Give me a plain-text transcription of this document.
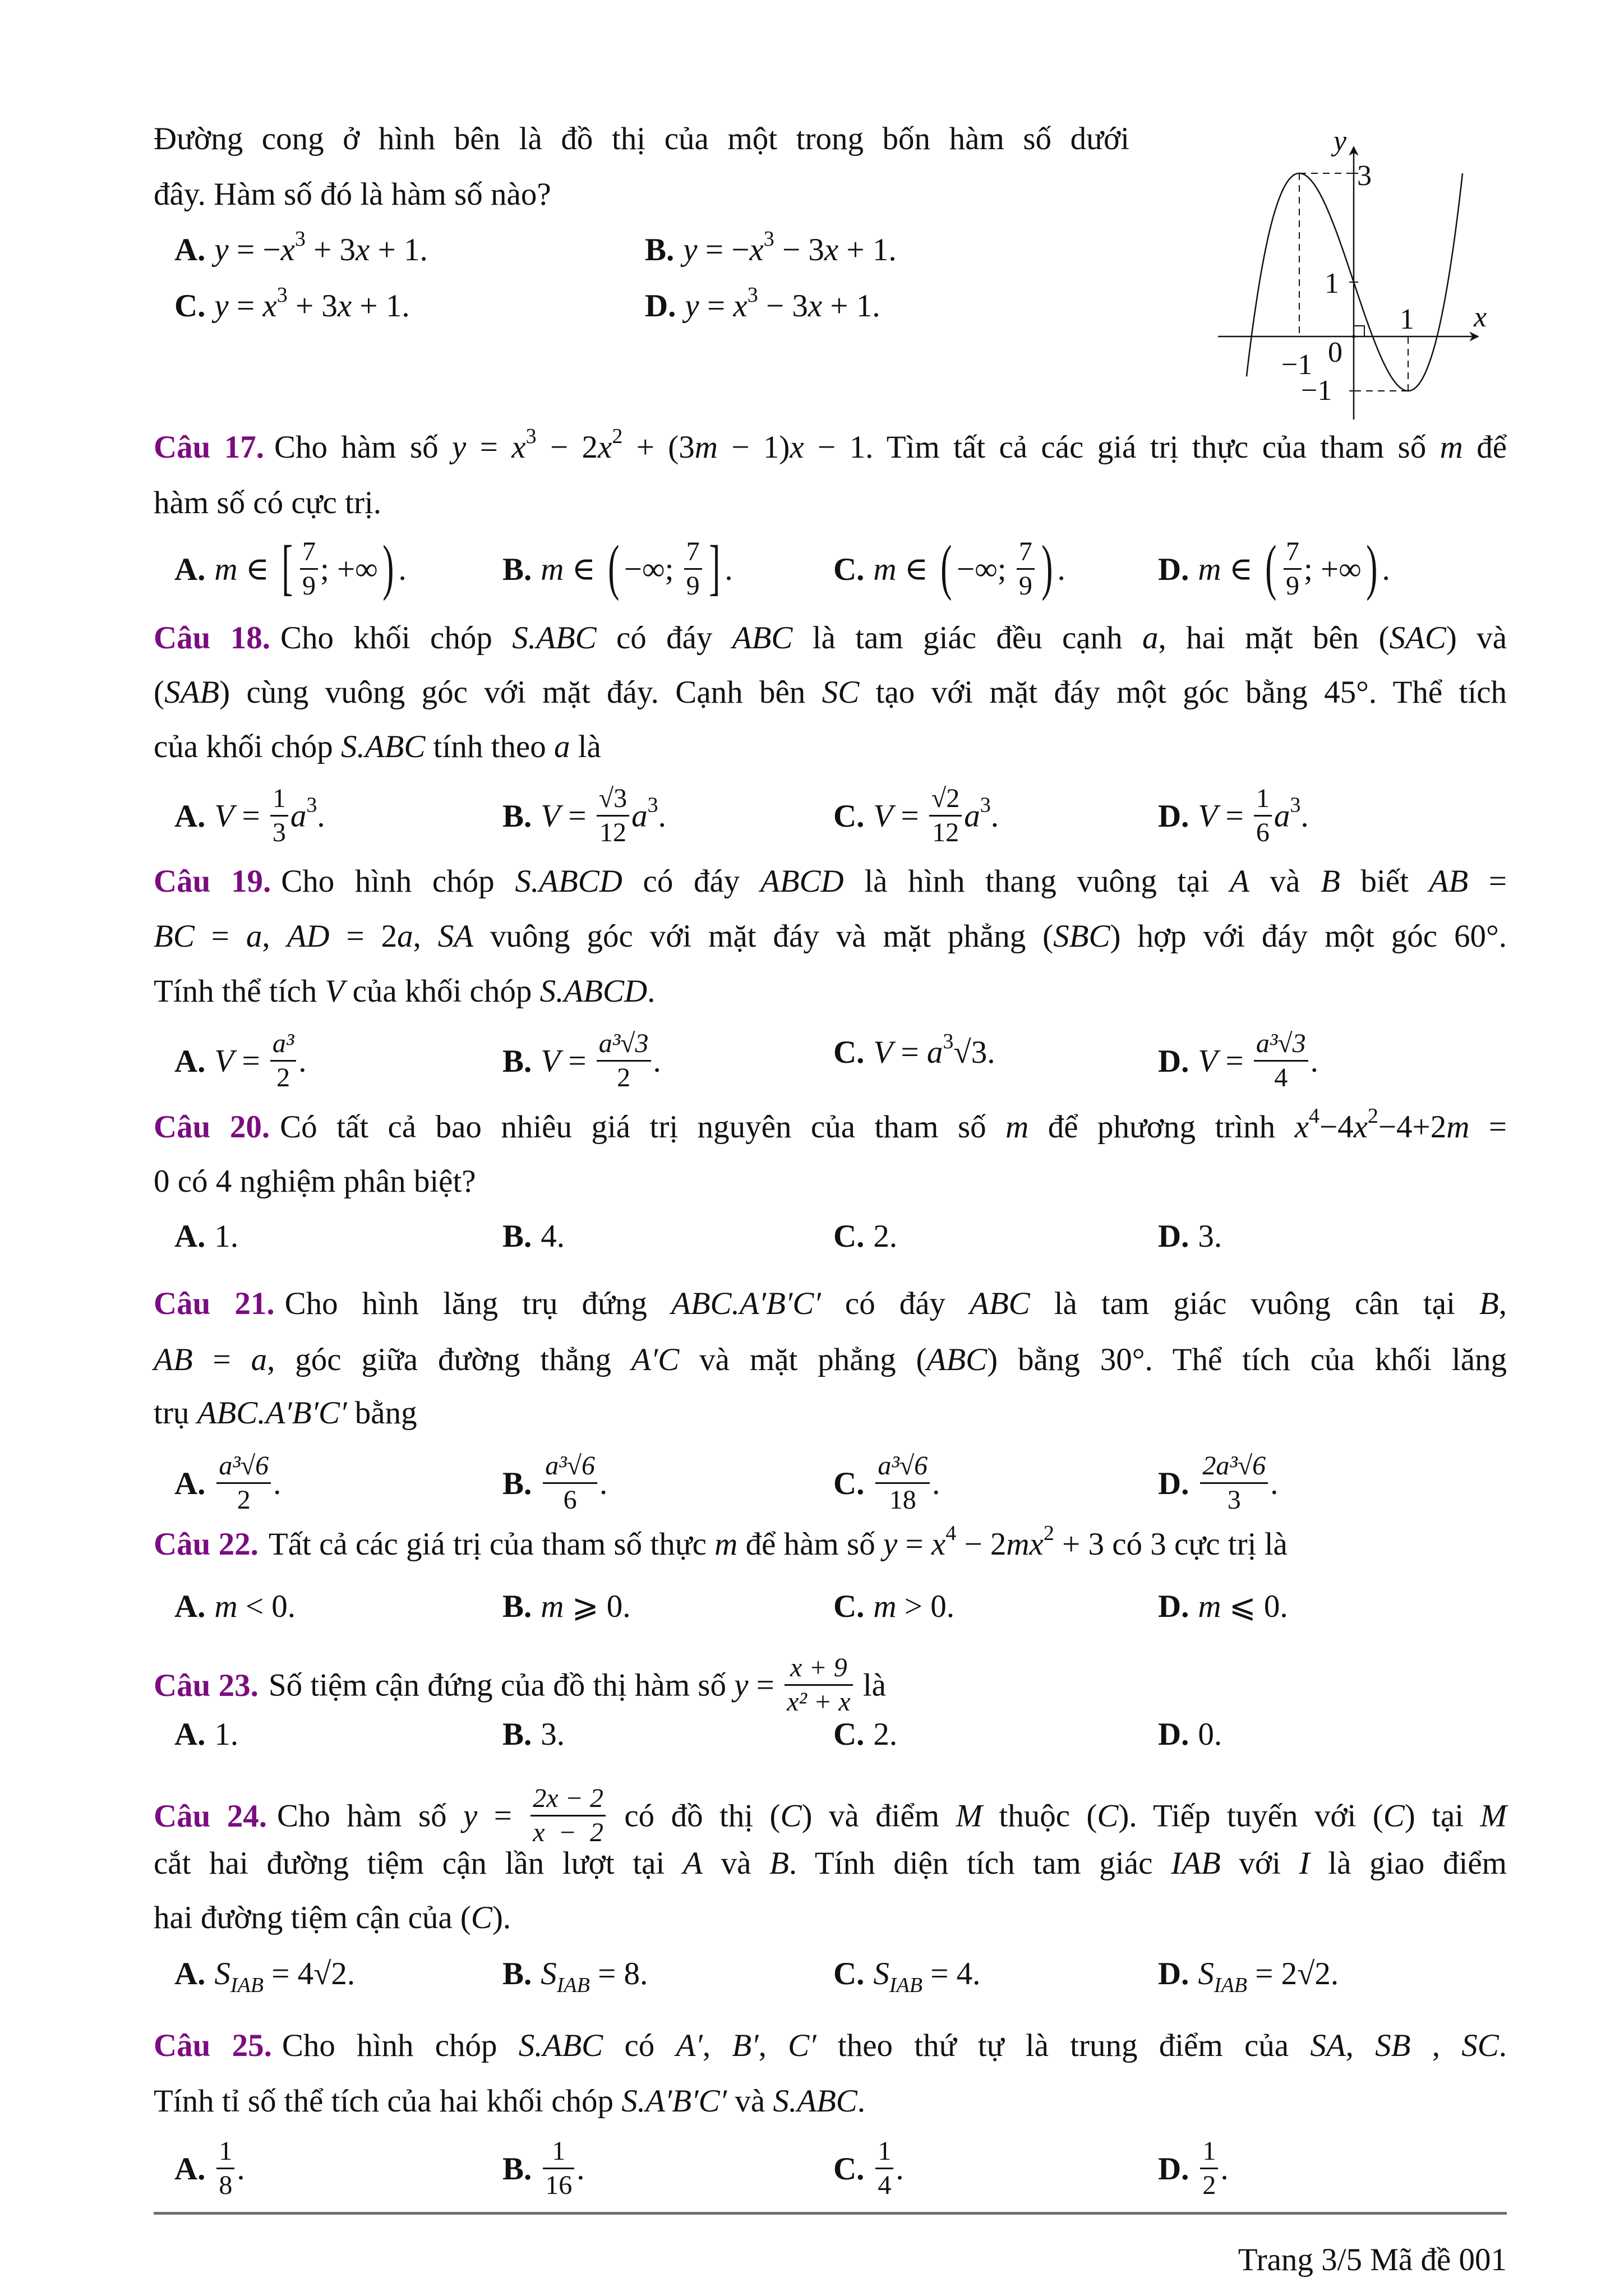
Đường cong ở hình bên là đồ thị của một trong bốn hàm số dưới
đây. Hàm số đó là hàm số nào?
A. $y = -x^3 + 3x + 1$.	B. $y = -x^3 - 3x + 1$.
C. $y = x^3 + 3x + 1$.	D. $y = x^3 - 3x + 1$.
Câu 17. Cho hàm số $y = x^3 - 2x^2 + (3m - 1)x - 1$. Tìm tất cả các giá trị thực của tham số m để
hàm số có cực trị.
A. m ∈ [ $\frac{7}{9}$ ; +∞) .	B. m ∈ ( −∞; $\frac{7}{9}$ ] .	C. m ∈ ( −∞; $\frac{7}{9}$ ) .	D. m ∈ ( $\frac{7}{9}$ ; +∞) .
Câu 18. Cho khối chóp S.ABC có đáy ABC là tam giác đều cạnh a, hai mặt bên (SAC) và
(SAB) cùng vuông góc với mặt đáy. Cạnh bên SC tạo với mặt đáy một góc bằng 45°. Thể tích
của khối chóp S.ABC tính theo a là
A. $V = \frac{1}{3} a^3$.	B. $V = \frac{√3}{12} a^3$.	C. $V = \frac{√2}{12} a^3$.	D. $V = \frac{1}{6} a^3$.
Câu 19. Cho hình chóp S.ABCD có đáy ABCD là hình thang vuông tại A và B biết AB =
BC = a, AD = 2a, SA vuông góc với mặt đáy và mặt phẳng (SBC) hợp với đáy một góc 60°.
Tính thể tích V của khối chóp S.ABCD.
A. $V = \frac{\text{a³}}{2}$ .	B. $V = \frac{\text{a³√3}}{2}$ .	C. $V = a^3√3$.	D. $V = \frac{\text{a³√3}}{4}$ .
Câu 20. Có tất cả bao nhiêu giá trị nguyên của tham số m để phương trình $x^4-4x^2-4+2m$ =
0 có 4 nghiệm phân biệt?
A. 1.	B. 4.	C. 2.	D. 3.
Câu 21. Cho hình lăng trụ đứng ABC.A′B′C′ có đáy ABC là tam giác vuông cân tại B,
AB = a, góc giữa đường thẳng A′C và mặt phẳng (ABC) bằng 30°. Thể tích của khối lăng
trụ ABC.A′B′C′ bằng
A. $\frac{\text{a³√6}}{2}$ .	B. $\frac{\text{a³√6}}{6}$ .	C. $\frac{\text{a³√6}}{18}$ .	D. $\frac{\text{2a³√6}}{3}$ .
Câu 22. Tất cả các giá trị của tham số thực m để hàm số $y = x^4 - 2mx^2 + 3$ có 3 cực trị là
A. m < 0.	B. m ⩾ 0.	C. m > 0.	D. m ⩽ 0.
Câu 23. Số tiệm cận đứng của đồ thị hàm số $y = \frac{x + 9}{\text{x² + x}}$ là
A. 1.	B. 3.	C. 2.	D. 0.
Câu 24. Cho hàm số $y = \frac{2x - 2}{x - 2}$ có đồ thị (C) và điểm M thuộc (C). Tiếp tuyến với (C) tại M
cắt hai đường tiệm cận lần lượt tại A và B. Tính diện tích tam giác IAB với I là giao điểm
hai đường tiệm cận của (C).
A. $S_{IAB} = 4√2$.	B. $S_{IAB} = 8$.	C. $S_{IAB} = 4$.	D. $S_{IAB} = 2√2$.
Câu 25. Cho hình chóp S.ABC có A′, B′, C′ theo thứ tự là trung điểm của SA, SB , SC.
Tính tỉ số thể tích của hai khối chóp S.A′B′C′ và S.ABC.
A. $\frac{1}{8}$ .	B. $\frac{1}{16}$ .	C. $\frac{1}{4}$ .	D. $\frac{1}{2}$ .
y
x
3
1
1
0
−1
−1
Trang 3/5 Mã đề 001
